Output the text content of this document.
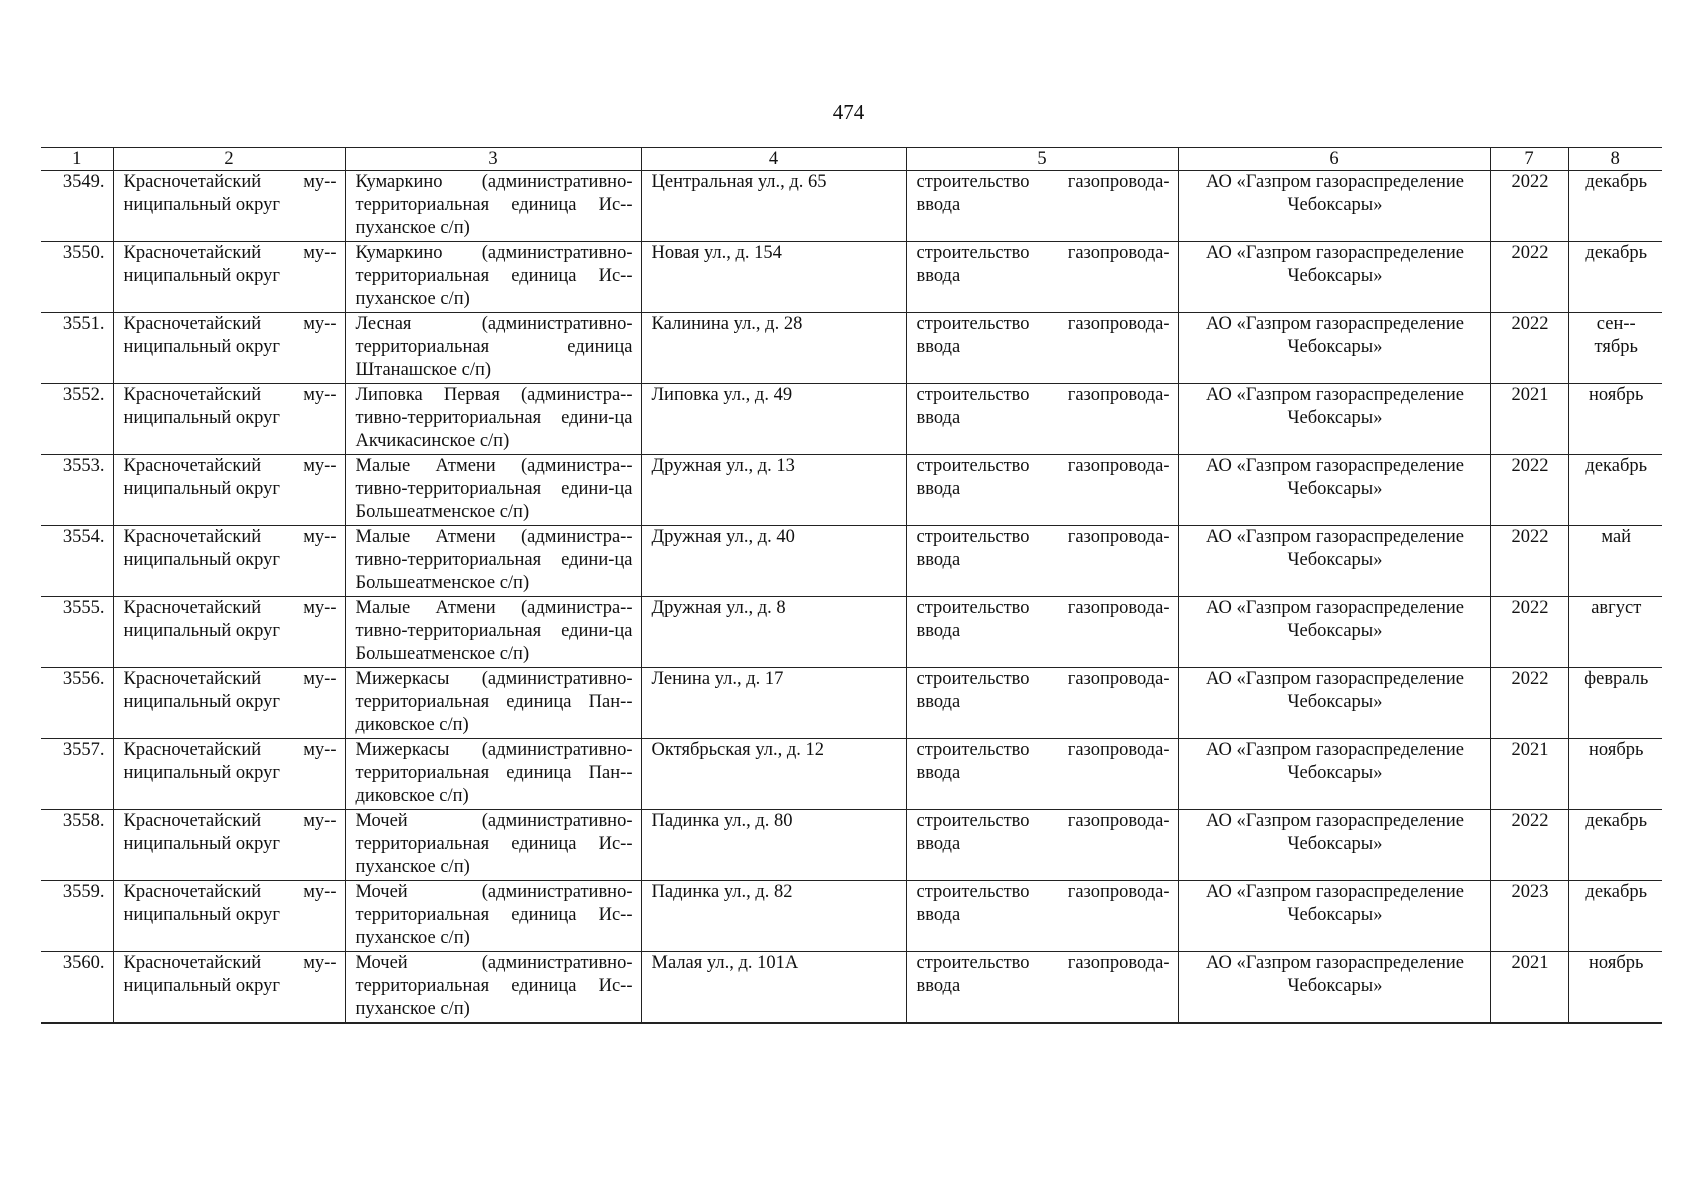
474
1	2	3	4	5	6	7	8
3549.	Красночетайский му-ниципальный округ	Кумаркино (административно-территориальная единица Ис-пуханское с/п)	Центральная ул., д. 65	строительство газопровода-ввода	АО «Газпром газораспределение Чебоксары»	2022	декабрь
3550.	Красночетайский му-ниципальный округ	Кумаркино (административно-территориальная единица Ис-пуханское с/п)	Новая ул., д. 154	строительство газопровода-ввода	АО «Газпром газораспределение Чебоксары»	2022	декабрь
3551.	Красночетайский му-ниципальный округ	Лесная (административно-территориальная единица Штанашское с/п)	Калинина ул., д. 28	строительство газопровода-ввода	АО «Газпром газораспределение Чебоксары»	2022	сен-тябрь
3552.	Красночетайский му-ниципальный округ	Липовка Первая (администра-тивно-территориальная едини-ца Акчикасинское с/п)	Липовка ул., д. 49	строительство газопровода-ввода	АО «Газпром газораспределение Чебоксары»	2021	ноябрь
3553.	Красночетайский му-ниципальный округ	Малые Атмени (администра-тивно-территориальная едини-ца Большеатменское с/п)	Дружная ул., д. 13	строительство газопровода-ввода	АО «Газпром газораспределение Чебоксары»	2022	декабрь
3554.	Красночетайский му-ниципальный округ	Малые Атмени (администра-тивно-территориальная едини-ца Большеатменское с/п)	Дружная ул., д. 40	строительство газопровода-ввода	АО «Газпром газораспределение Чебоксары»	2022	май
3555.	Красночетайский му-ниципальный округ	Малые Атмени (администра-тивно-территориальная едини-ца Большеатменское с/п)	Дружная ул., д. 8	строительство газопровода-ввода	АО «Газпром газораспределение Чебоксары»	2022	август
3556.	Красночетайский му-ниципальный округ	Мижеркасы (административно-территориальная единица Пан-диковское с/п)	Ленина ул., д. 17	строительство газопровода-ввода	АО «Газпром газораспределение Чебоксары»	2022	февраль
3557.	Красночетайский му-ниципальный округ	Мижеркасы (административно-территориальная единица Пан-диковское с/п)	Октябрьская ул., д. 12	строительство газопровода-ввода	АО «Газпром газораспределение Чебоксары»	2021	ноябрь
3558.	Красночетайский му-ниципальный округ	Мочей (административно-территориальная единица Ис-пуханское с/п)	Падинка ул., д. 80	строительство газопровода-ввода	АО «Газпром газораспределение Чебоксары»	2022	декабрь
3559.	Красночетайский му-ниципальный округ	Мочей (административно-территориальная единица Ис-пуханское с/п)	Падинка ул., д. 82	строительство газопровода-ввода	АО «Газпром газораспределение Чебоксары»	2023	декабрь
3560.	Красночетайский му-ниципальный округ	Мочей (административно-территориальная единица Ис-пуханское с/п)	Малая ул., д. 101А	строительство газопровода-ввода	АО «Газпром газораспределение Чебоксары»	2021	ноябрь
